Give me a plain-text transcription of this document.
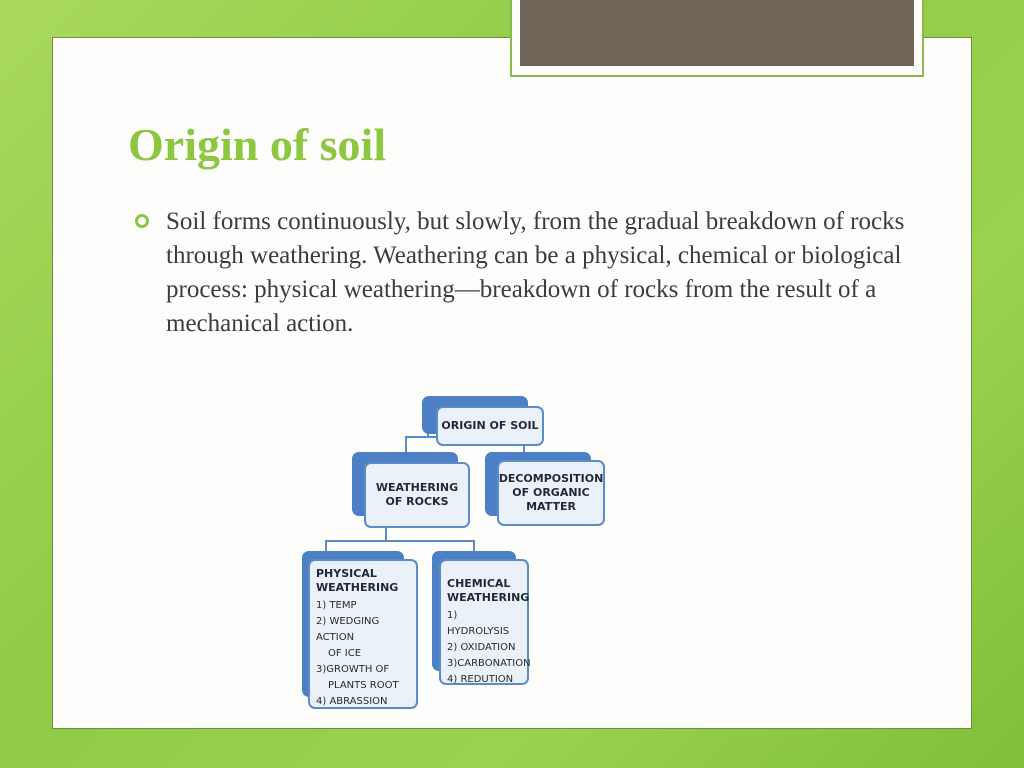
Origin of soil

Soil forms continuously, but slowly, from the gradual breakdown of rocks through weathering. Weathering can be a physical, chemical or biological process: physical weathering—breakdown of rocks from the result of a mechanical action.

ORIGIN OF SOIL
WEATHERING OF ROCKS
DECOMPOSITION OF ORGANIC MATTER
PHYSICAL WEATHERING
1) TEMP
2) WEDGING ACTION
OF ICE
3)GROWTH OF
PLANTS ROOT
4) ABRASSION
CHEMICAL WEATHERING
1) HYDROLYSIS
2) OXIDATION
3)CARBONATION
4) REDUTION
